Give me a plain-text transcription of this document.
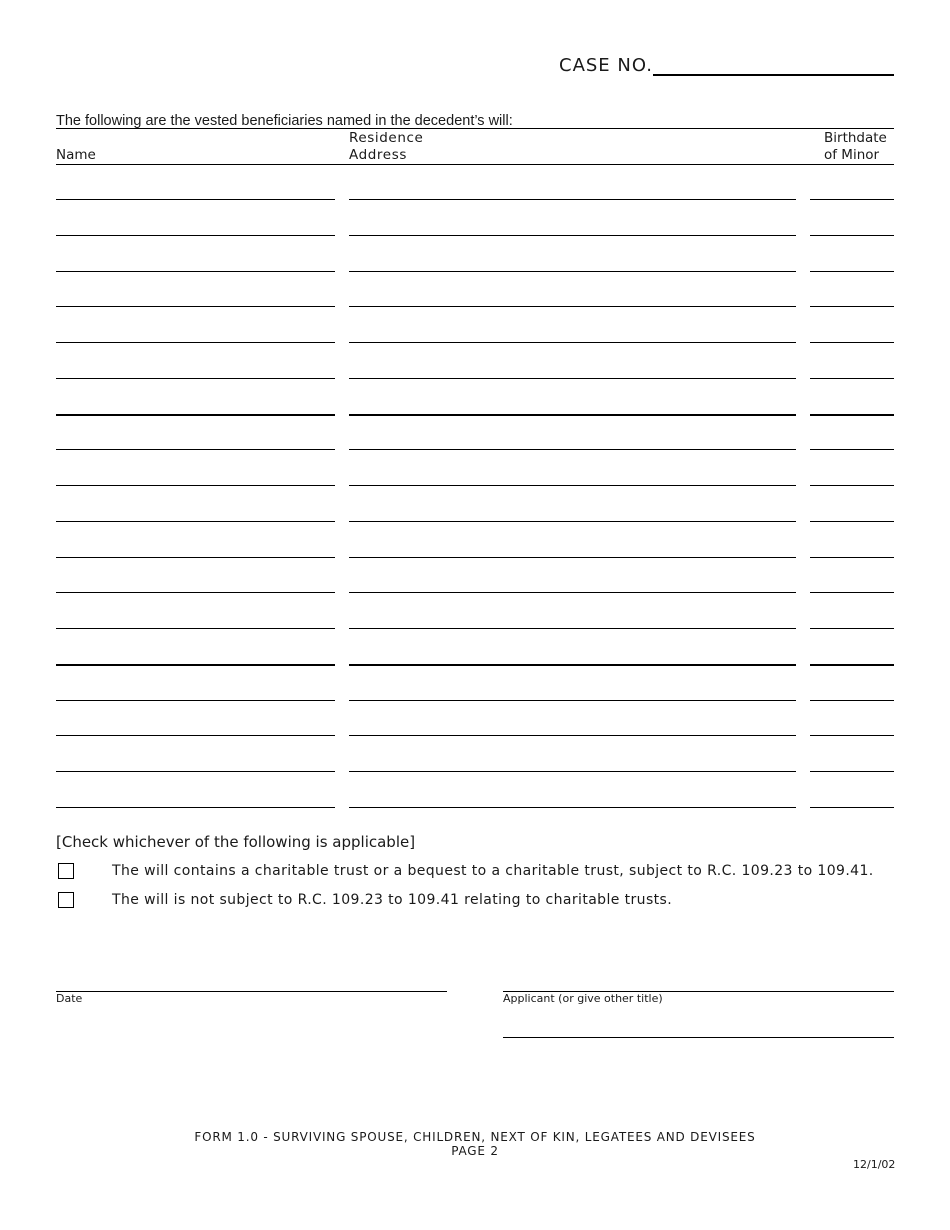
CASE NO.
The following are the vested beneficiaries named in the decedent’s will:
Name
Residence
Address
Birthdate
of Minor
[Check whichever of the following is applicable]
The will contains a charitable trust or a bequest to a charitable trust, subject to R.C. 109.23 to 109.41.
The will is not subject to R.C. 109.23 to 109.41 relating to charitable trusts.
Date	Applicant (or give other title)
FORM 1.0 - SURVIVING SPOUSE, CHILDREN, NEXT OF KIN, LEGATEES AND DEVISEES
PAGE 2
12/1/02
